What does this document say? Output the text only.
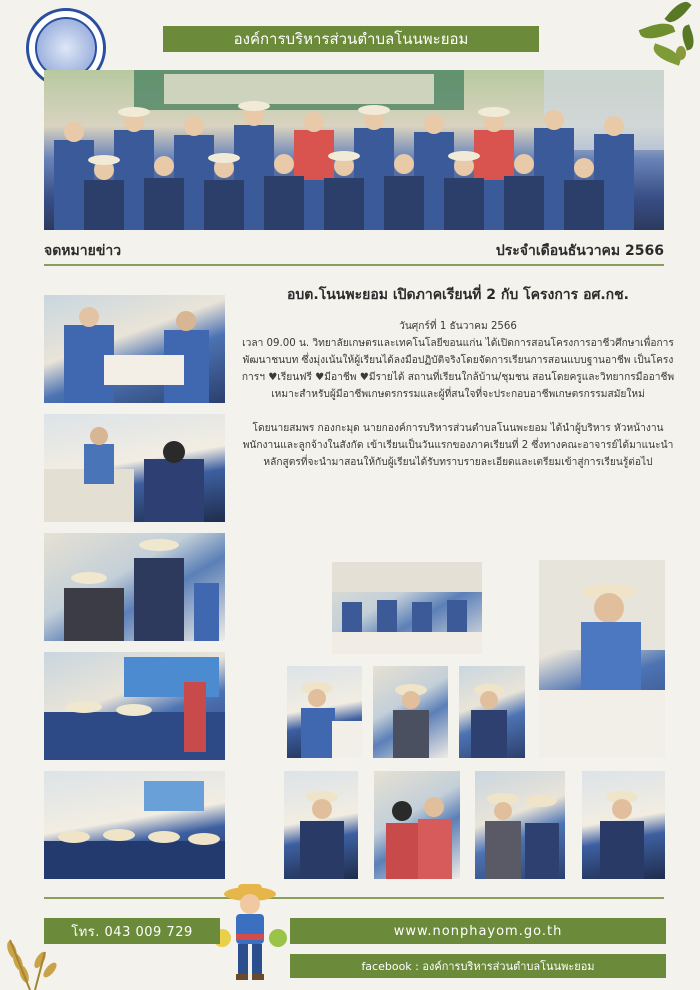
องค์การบริหารส่วนตำบลโนนพะยอม
จดหมายข่าว	ประจำเดือนธันวาคม 2566
อบต.โนนพะยอม เปิดภาคเรียนที่ 2 กับ โครงการ อศ.กช.
วันศุกร์ที่ 1 ธันวาคม 2566

เวลา 09.00 น. วิทยาลัยเกษตรและเทคโนโลยีขอนแก่น ได้เปิดการสอนโครงการอาชีวศึกษาเพื่อการพัฒนาชนบท ซึ่งมุ่งเน้นให้ผู้เรียนได้ลงมือปฏิบัติจริงโดยจัดการเรียนการสอนแบบฐานอาชีพ เป็นโครงการฯ ♥เรียนฟรี ♥มีอาชีพ ♥มีรายได้ สถานที่เรียนใกล้บ้าน/ชุมชน สอนโดยครูและวิทยากรมืออาชีพ เหมาะสำหรับผู้มีอาชีพเกษตรกรรมและผู้ที่สนใจที่จะประกอบอาชีพเกษตรกรรมสมัยใหม่

โดยนายสมพร กองกะมุด นายกองค์การบริหารส่วนตำบลโนนพะยอม ได้นำผู้บริหาร หัวหน้างาน พนักงานและลูกจ้างในสังกัด เข้าเรียนเป็นวันแรกของภาคเรียนที่ 2 ซึ่งทางคณะอาจารย์ได้มาแนะนำหลักสูตรที่จะนำมาสอนให้กับผู้เรียนได้รับทราบรายละเอียดและเตรียมเข้าสู่การเรียนรู้ต่อไป

โทร. 043 009 729	www.nonphayom.go.th
facebook : องค์การบริหารส่วนตำบลโนนพะยอม
